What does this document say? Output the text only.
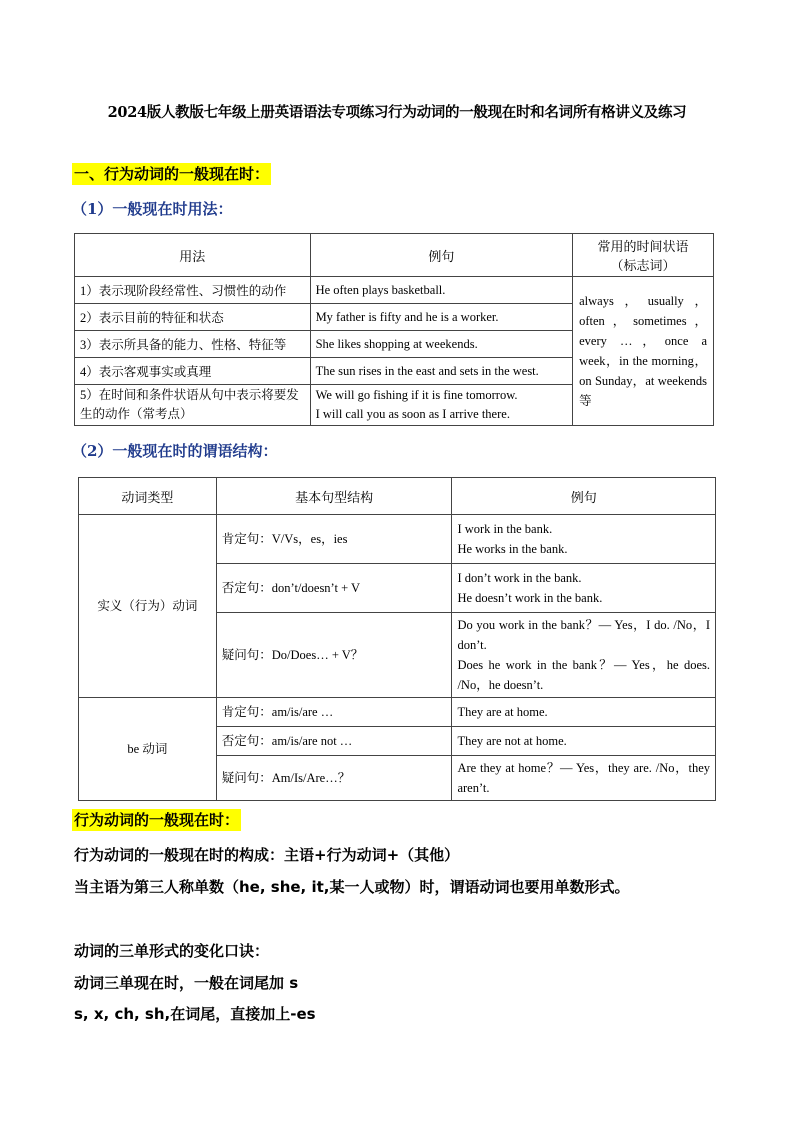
2024版人教版七年级上册英语语法专项练习行为动词的一般现在时和名词所有格讲义及练习
一、行为动词的一般现在时：
（1）一般现在时用法：
用法	例句	常用的时间状语
（标志词）
1）表示现阶段经常性、习惯性的动作	He often plays basketball.	always，usually，often，sometimes， every …，once a week，in the morning，on Sunday，at weekends 等
2）表示目前的特征和状态	My father is fifty and he is a worker.	
3）表示所具备的能力、性格、特征等	She likes shopping at weekends.	
4）表示客观事实或真理	The sun rises in the east and sets in the west.	
5）在时间和条件状语从句中表示将要发生的动作（常考点）	We will go fishing if it is fine tomorrow.
I will call you as soon as I arrive there.	
（2）一般现在时的谓语结构：
动词类型	基本句型结构	例句
实义（行为）动词	肯定句：V/Vs，es，ies	I work in the bank.
He works in the bank.
	否定句：don’t/doesn’t + V	I don’t work in the bank.
He doesn’t work in the bank.
	疑问句：Do/Does… + V？	Do you work in the bank？— Yes，I do. /No，I don’t.
Does he work in the bank？— Yes，he does. /No，he doesn’t.
be 动词	肯定句：am/is/are …	They are at home.
	否定句：am/is/are not …	They are not at home.
	疑问句：Am/Is/Are…？	Are they at home？— Yes，they are. /No，they aren’t.
行为动词的一般现在时：
行为动词的一般现在时的构成：主语+行为动词+（其他）
当主语为第三人称单数（he, she, it,某一人或物）时，谓语动词也要用单数形式。
动词的三单形式的变化口诀：
动词三单现在时，一般在词尾加 s
s, x, ch, sh,在词尾，直接加上-es
